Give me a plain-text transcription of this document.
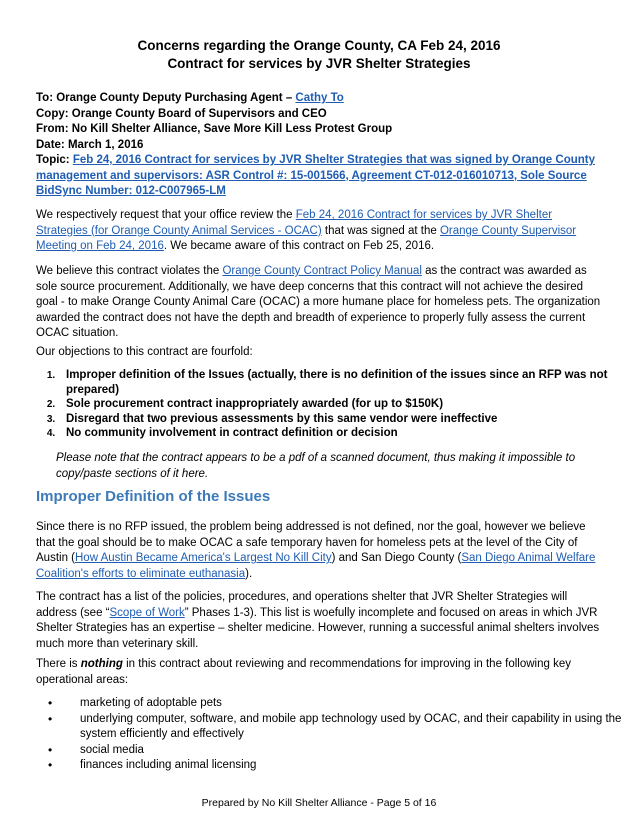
Concerns regarding the Orange County, CA Feb 24, 2016
Contract for services by JVR Shelter Strategies
To: Orange County Deputy Purchasing Agent – Cathy To
Copy: Orange County Board of Supervisors and CEO
From: No Kill Shelter Alliance, Save More Kill Less Protest Group
Date: March 1, 2016
Topic: Feb 24, 2016 Contract for services by JVR Shelter Strategies that was signed by Orange County management and supervisors: ASR Control #: 15-001566, Agreement CT-012-016010713, Sole Source BidSync Number: 012-C007965-LM
We respectively request that your office review the Feb 24, 2016 Contract for services by JVR Shelter Strategies (for Orange County Animal Services - OCAC) that was signed at the Orange County Supervisor Meeting on Feb 24, 2016. We became aware of this contract on Feb 25, 2016.
We believe this contract violates the Orange County Contract Policy Manual as the contract was awarded as sole source procurement. Additionally, we have deep concerns that this contract will not achieve the desired goal - to make Orange County Animal Care (OCAC) a more humane place for homeless pets. The organization awarded the contract does not have the depth and breadth of experience to properly fully assess the current OCAC situation.
Our objections to this contract are fourfold:
1. Improper definition of the Issues (actually, there is no definition of the issues since an RFP was not prepared)
2. Sole procurement contract inappropriately awarded (for up to $150K)
3. Disregard that two previous assessments by this same vendor were ineffective
4. No community involvement in contract definition or decision
Please note that the contract appears to be a pdf of a scanned document, thus making it impossible to copy/paste sections of it here.
Improper Definition of the Issues
Since there is no RFP issued, the problem being addressed is not defined, nor the goal, however we believe that the goal should be to make OCAC a safe temporary haven for homeless pets at the level of the City of Austin (How Austin Became America's Largest No Kill City) and San Diego County (San Diego Animal Welfare Coalition's efforts to eliminate euthanasia).
The contract has a list of the policies, procedures, and operations shelter that JVR Shelter Strategies will address (see “Scope of Work” Phases 1-3). This list is woefully incomplete and focused on areas in which JVR Shelter Strategies has an expertise – shelter medicine. However, running a successful animal shelters involves much more than veterinary skill.
There is nothing in this contract about reviewing and recommendations for improving in the following key operational areas:
• marketing of adoptable pets
• underlying computer, software, and mobile app technology used by OCAC, and their capability in using the system efficiently and effectively
• social media
• finances including animal licensing
Prepared by No Kill Shelter Alliance - Page 5 of 16
